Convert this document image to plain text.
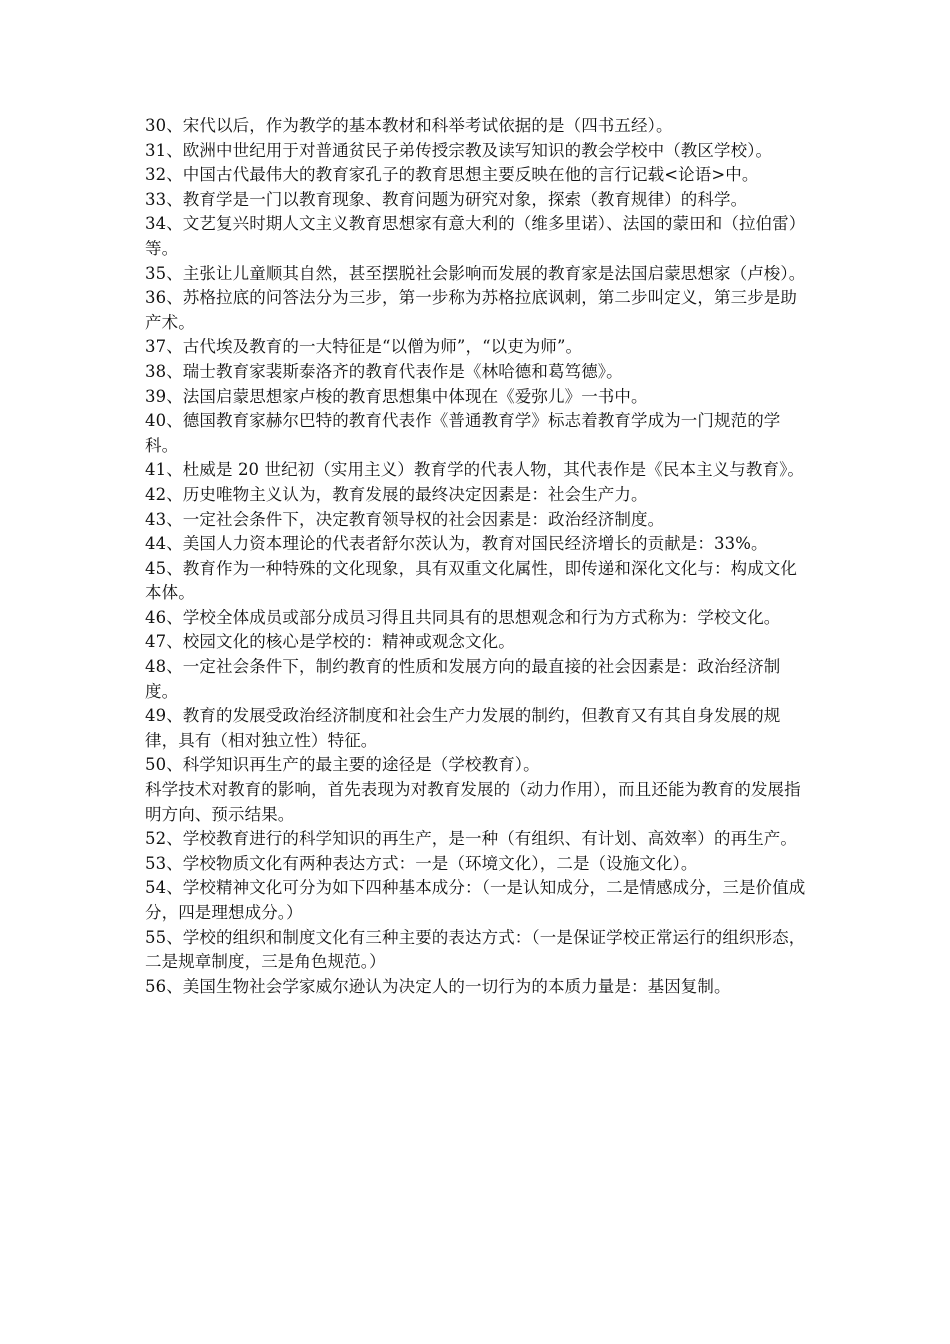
30、宋代以后，作为教学的基本教材和科举考试依据的是（四书五经）。

31、欧洲中世纪用于对普通贫民子弟传授宗教及读写知识的教会学校中（教区学校）。

32、中国古代最伟大的教育家孔子的教育思想主要反映在他的言行记载<论语>中。

33、教育学是一门以教育现象、教育问题为研究对象，探索（教育规律）的科学。

34、文艺复兴时期人文主义教育思想家有意大利的（维多里诺）、法国的蒙田和（拉伯雷）等。

35、主张让儿童顺其自然，甚至摆脱社会影响而发展的教育家是法国启蒙思想家（卢梭）。

36、苏格拉底的问答法分为三步，第一步称为苏格拉底讽刺，第二步叫定义，第三步是助产术。

37、古代埃及教育的一大特征是“以僧为师”，“以吏为师”。

38、瑞士教育家裴斯泰洛齐的教育代表作是《林哈德和葛笃德》。

39、法国启蒙思想家卢梭的教育思想集中体现在《爱弥儿》一书中。

40、德国教育家赫尔巴特的教育代表作《普通教育学》标志着教育学成为一门规范的学科。

41、杜威是 20 世纪初（实用主义）教育学的代表人物，其代表作是《民本主义与教育》。

42、历史唯物主义认为，教育发展的最终决定因素是：社会生产力。

43、一定社会条件下，决定教育领导权的社会因素是：政治经济制度。

44、美国人力资本理论的代表者舒尔茨认为，教育对国民经济增长的贡献是：33%。

45、教育作为一种特殊的文化现象，具有双重文化属性，即传递和深化文化与：构成文化本体。

46、学校全体成员或部分成员习得且共同具有的思想观念和行为方式称为：学校文化。

47、校园文化的核心是学校的：精神或观念文化。

48、一定社会条件下，制约教育的性质和发展方向的最直接的社会因素是：政治经济制度。

49、教育的发展受政治经济制度和社会生产力发展的制约，但教育又有其自身发展的规律，具有（相对独立性）特征。

50、科学知识再生产的最主要的途径是（学校教育）。

科学技术对教育的影响，首先表现为对教育发展的（动力作用），而且还能为教育的发展指明方向、预示结果。

52、学校教育进行的科学知识的再生产，是一种（有组织、有计划、高效率）的再生产。

53、学校物质文化有两种表达方式：一是（环境文化），二是（设施文化）。

54、学校精神文化可分为如下四种基本成分：（一是认知成分，二是情感成分，三是价值成分，四是理想成分。）

55、学校的组织和制度文化有三种主要的表达方式：（一是保证学校正常运行的组织形态，二是规章制度，三是角色规范。）

56、美国生物社会学家威尔逊认为决定人的一切行为的本质力量是：基因复制。
